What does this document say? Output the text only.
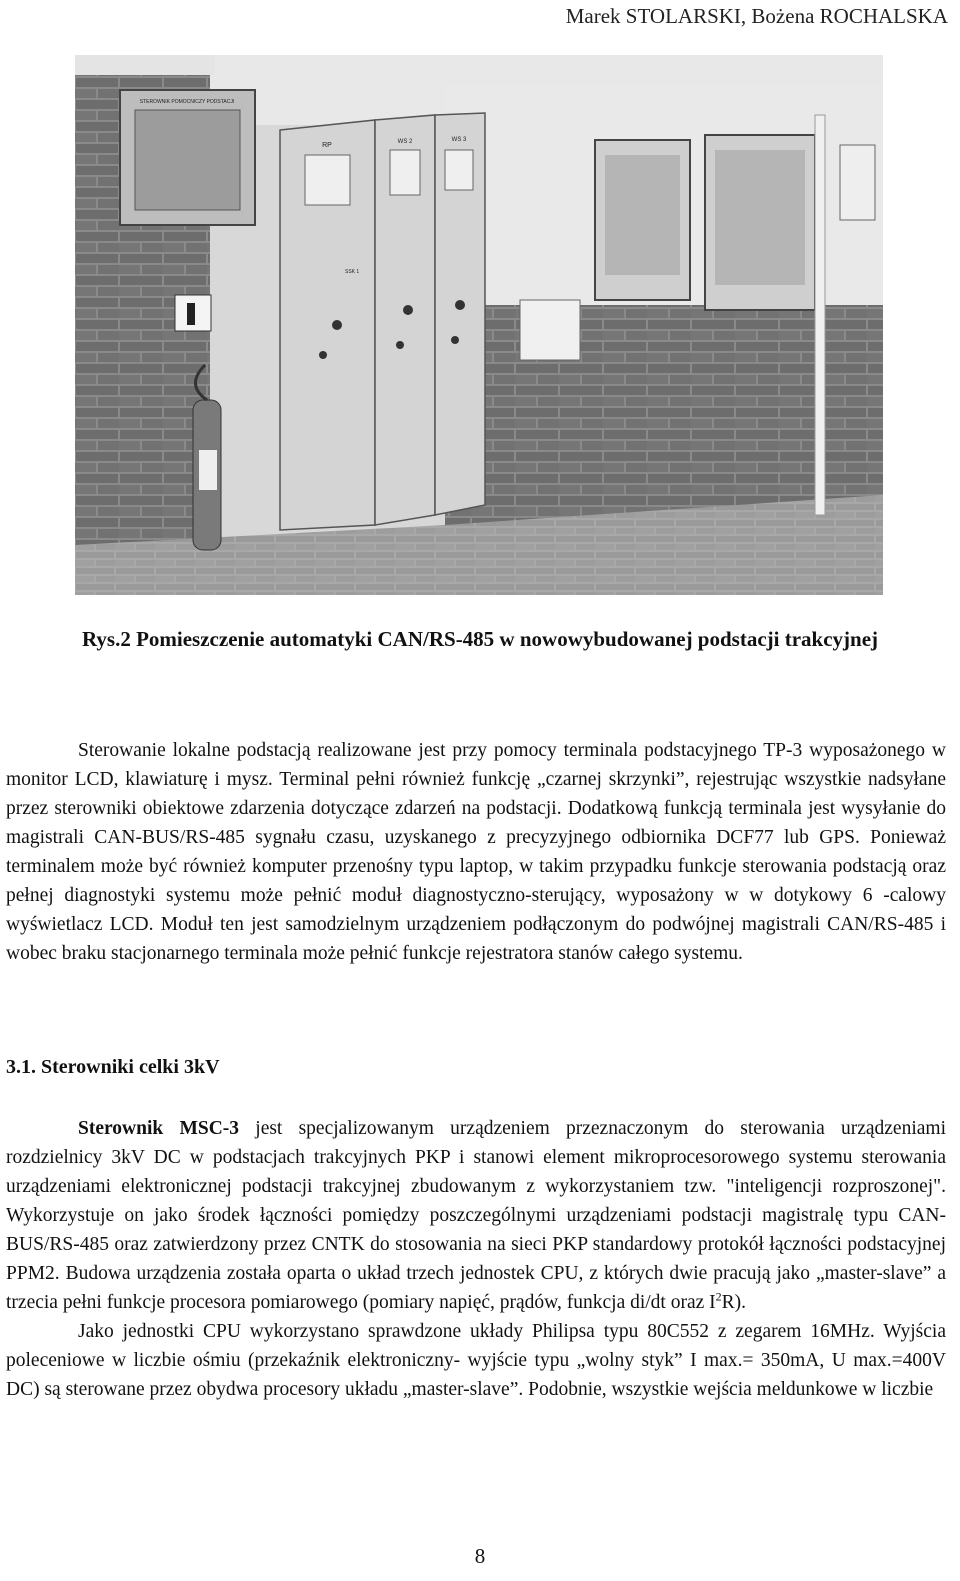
Marek STOLARSKI, Bożena ROCHALSKA
STEROWNIK POMOCNICZY PODSTACJI
RP	WS 2	WS 3
SSK 1
Rys.2 Pomieszczenie automatyki CAN/RS-485 w nowowybudowanej podstacji trakcyjnej

Sterowanie lokalne podstacją realizowane jest przy pomocy terminala podstacyjnego TP-3 wyposażonego w monitor LCD, klawiaturę i mysz. Terminal pełni również funkcję „czarnej skrzynki”, rejestrując wszystkie nadsyłane przez sterowniki obiektowe zdarzenia dotyczące zdarzeń na podstacji. Dodatkową funkcją terminala jest wysyłanie do magistrali CAN-BUS/RS-485 sygnału czasu, uzyskanego z precyzyjnego odbiornika DCF77 lub GPS. Ponieważ terminalem może być również komputer przenośny typu laptop, w takim przypadku funkcje sterowania podstacją oraz pełnej diagnostyki systemu może pełnić moduł diagnostyczno-sterujący, wyposażony w w dotykowy 6 -calowy wyświetlacz LCD. Moduł ten jest samodzielnym urządzeniem podłączonym do podwójnej magistrali CAN/RS-485 i wobec braku stacjonarnego terminala może pełnić funkcje rejestratora stanów całego systemu.

3.1. Sterowniki celki 3kV

Sterownik MSC-3 jest specjalizowanym urządzeniem przeznaczonym do sterowania urządzeniami rozdzielnicy 3kV DC w podstacjach trakcyjnych PKP i stanowi element mikroprocesorowego systemu sterowania urządzeniami elektronicznej podstacji trakcyjnej zbudowanym z wykorzystaniem tzw. "inteligencji rozproszonej". Wykorzystuje on jako środek łączności pomiędzy poszczególnymi urządzeniami podstacji magistralę typu CAN-BUS/RS-485 oraz zatwierdzony przez CNTK do stosowania na sieci PKP standardowy protokół łączności podstacyjnej PPM2. Budowa urządzenia została oparta o układ trzech jednostek CPU, z których dwie pracują jako „master-slave” a trzecia pełni funkcje procesora pomiarowego (pomiary napięć, prądów, funkcja di/dt oraz $I^2R$).

Jako jednostki CPU wykorzystano sprawdzone układy Philipsa typu 80C552 z zegarem 16MHz. Wyjścia poleceniowe w liczbie ośmiu (przekaźnik elektroniczny- wyjście typu „wolny styk” I max.= 350mA, U max.=400V DC) są sterowane przez obydwa procesory układu „master-slave”. Podobnie, wszystkie wejścia meldunkowe w liczbie

8
